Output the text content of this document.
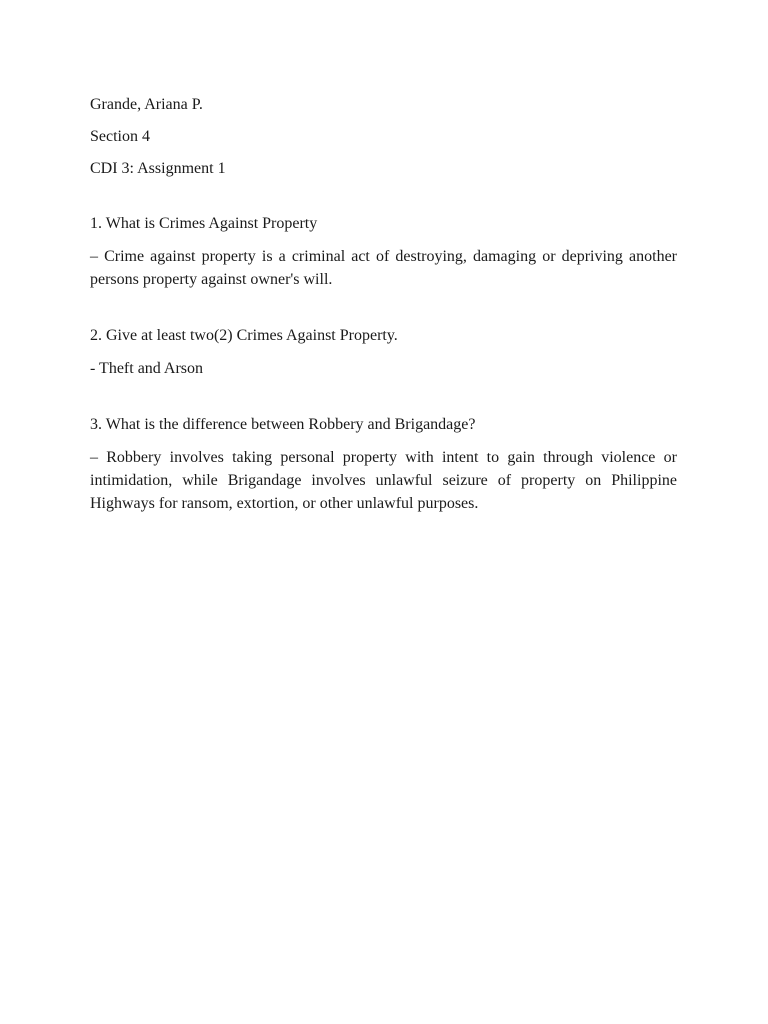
Grande, Ariana P.

Section 4

CDI 3: Assignment 1

1. What is Crimes Against Property

– Crime against property is a criminal act of destroying, damaging or depriving another persons property against owner's will.

2. Give at least two(2) Crimes Against Property.

- Theft and Arson

3. What is the difference between Robbery and Brigandage?

– Robbery involves taking personal property with intent to gain through violence or intimidation, while Brigandage involves unlawful seizure of property on Philippine Highways for ransom, extortion, or other unlawful purposes.
